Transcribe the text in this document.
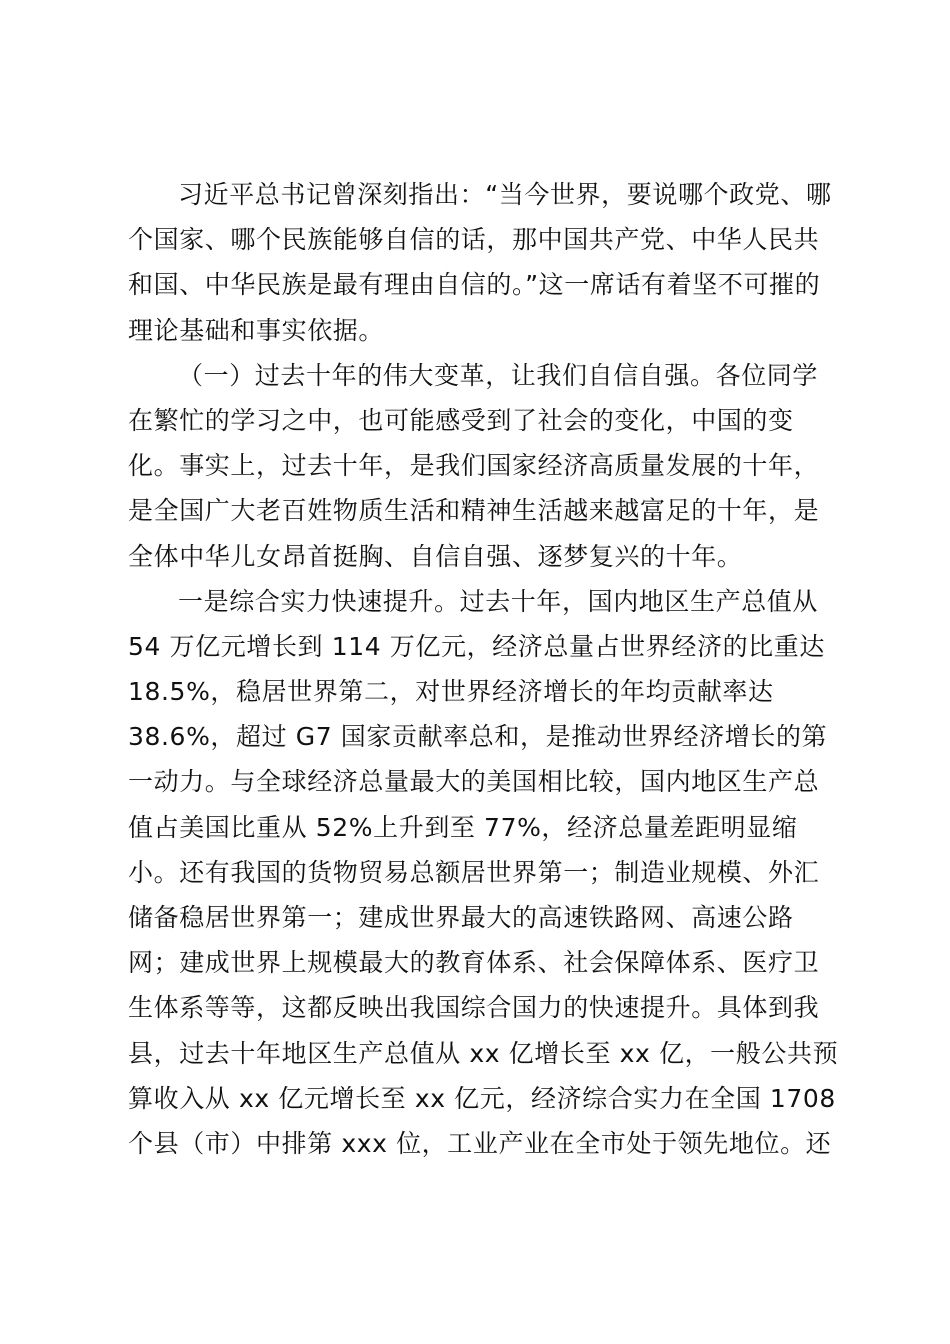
习近平总书记曾深刻指出：“当今世界，要说哪个政党、哪
个国家、哪个民族能够自信的话，那中国共产党、中华人民共
和国、中华民族是最有理由自信的。”这一席话有着坚不可摧的
理论基础和事实依据。

（一）过去十年的伟大变革，让我们自信自强。各位同学
在繁忙的学习之中，也可能感受到了社会的变化，中国的变
化。事实上，过去十年，是我们国家经济高质量发展的十年，
是全国广大老百姓物质生活和精神生活越来越富足的十年，是
全体中华儿女昂首挺胸、自信自强、逐梦复兴的十年。

一是综合实力快速提升。过去十年，国内地区生产总值从
54 万亿元增长到 114 万亿元，经济总量占世界经济的比重达
18.5%，稳居世界第二，对世界经济增长的年均贡献率达
38.6%，超过 G7 国家贡献率总和，是推动世界经济增长的第
一动力。与全球经济总量最大的美国相比较，国内地区生产总
值占美国比重从 52%上升到至 77%，经济总量差距明显缩
小。还有我国的货物贸易总额居世界第一；制造业规模、外汇
储备稳居世界第一；建成世界最大的高速铁路网、高速公路
网；建成世界上规模最大的教育体系、社会保障体系、医疗卫
生体系等等，这都反映出我国综合国力的快速提升。具体到我
县，过去十年地区生产总值从 xx 亿增长至 xx 亿，一般公共预
算收入从 xx 亿元增长至 xx 亿元，经济综合实力在全国 1708
个县（市）中排第 xxx 位，工业产业在全市处于领先地位。还
